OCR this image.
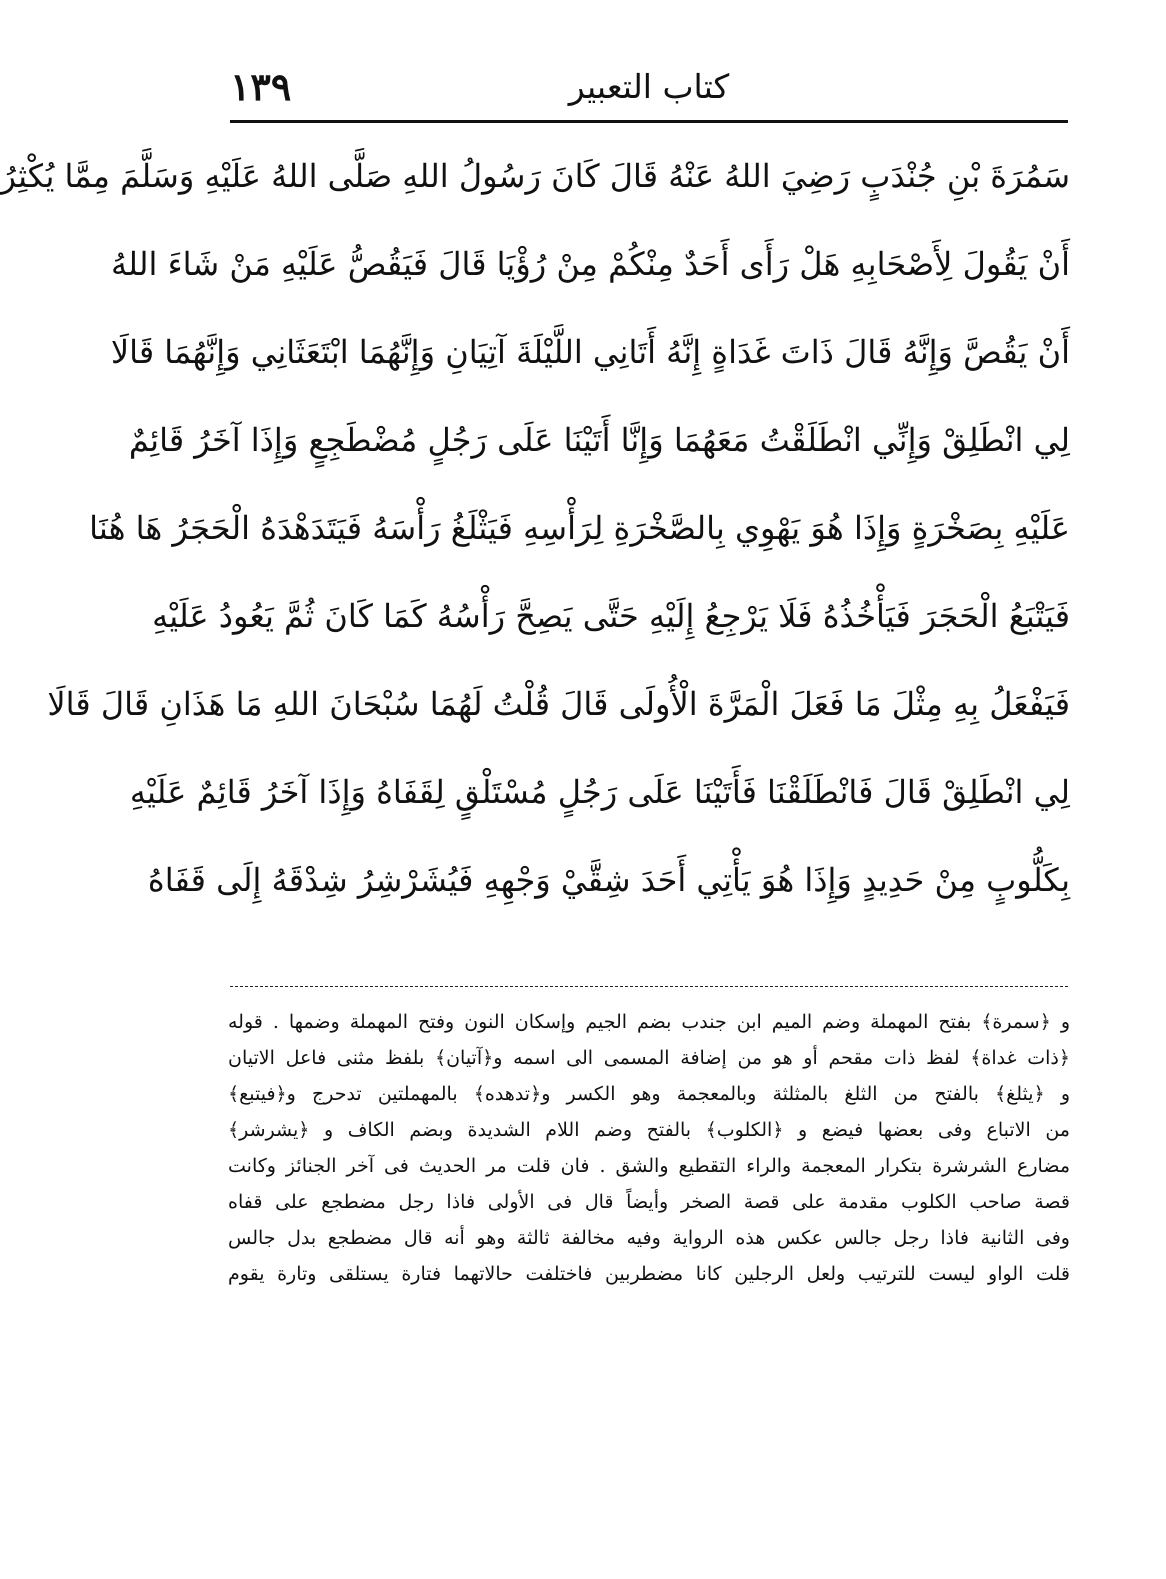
كتاب التعبير
١٣٩
سَمُرَةَ بْنِ جُنْدَبٍ رَضِيَ اللهُ عَنْهُ قَالَ كَانَ رَسُولُ اللهِ صَلَّى اللهُ عَلَيْهِ وَسَلَّمَ مِمَّا يُكْثِرُ
أَنْ يَقُولَ لِأَصْحَابِهِ هَلْ رَأَى أَحَدٌ مِنْكُمْ مِنْ رُؤْيَا قَالَ فَيَقُصُّ عَلَيْهِ مَنْ شَاءَ اللهُ
أَنْ يَقُصَّ وَإِنَّهُ قَالَ ذَاتَ غَدَاةٍ إِنَّهُ أَتَانِي اللَّيْلَةَ آتِيَانِ وَإِنَّهُمَا ابْتَعَثَانِي وَإِنَّهُمَا قَالَا
لِي انْطَلِقْ وَإِنِّي انْطَلَقْتُ مَعَهُمَا وَإِنَّا أَتَيْنَا عَلَى رَجُلٍ مُضْطَجِعٍ وَإِذَا آخَرُ قَائِمٌ
عَلَيْهِ بِصَخْرَةٍ وَإِذَا هُوَ يَهْوِي بِالصَّخْرَةِ لِرَأْسِهِ فَيَثْلَغُ رَأْسَهُ فَيَتَدَهْدَهُ الْحَجَرُ هَا هُنَا
فَيَتْبَعُ الْحَجَرَ فَيَأْخُذُهُ فَلَا يَرْجِعُ إِلَيْهِ حَتَّى يَصِحَّ رَأْسُهُ كَمَا كَانَ ثُمَّ يَعُودُ عَلَيْهِ
فَيَفْعَلُ بِهِ مِثْلَ مَا فَعَلَ الْمَرَّةَ الْأُولَى قَالَ قُلْتُ لَهُمَا سُبْحَانَ اللهِ مَا هَذَانِ قَالَ قَالَا
لِي انْطَلِقْ قَالَ فَانْطَلَقْنَا فَأَتَيْنَا عَلَى رَجُلٍ مُسْتَلْقٍ لِقَفَاهُ وَإِذَا آخَرُ قَائِمٌ عَلَيْهِ
بِكَلُّوبٍ مِنْ حَدِيدٍ وَإِذَا هُوَ يَأْتِي أَحَدَ شِقَّيْ وَجْهِهِ فَيُشَرْشِرُ شِدْقَهُ إِلَى قَفَاهُ
و ﴿سمرة﴾ بفتح المهملة وضم الميم ابن جندب بضم الجيم وإسكان النون وفتح المهملة وضمها . قوله
﴿ذات غداة﴾ لفظ ذات مقحم أو هو من إضافة المسمى الى اسمه و﴿آتيان﴾ بلفظ مثنى فاعل الاتيان
و ﴿يثلغ﴾ بالفتح من الثلغ بالمثلثة وبالمعجمة وهو الكسر و﴿تدهده﴾ بالمهملتين تدحرج و﴿فيتبع﴾
من الاتباع وفى بعضها فيضع و ﴿الكلوب﴾ بالفتح وضم اللام الشديدة وبضم الكاف و ﴿يشرشر﴾
مضارع الشرشرة بتكرار المعجمة والراء التقطيع والشق . فان قلت مر الحديث فى آخر الجنائز وكانت
قصة صاحب الكلوب مقدمة على قصة الصخر وأيضاً قال فى الأولى فاذا رجل مضطجع على قفاه
وفى الثانية فاذا رجل جالس عكس هذه الرواية وفيه مخالفة ثالثة وهو أنه قال مضطجع بدل جالس
قلت الواو ليست للترتيب ولعل الرجلين كانا مضطربين فاختلفت حالاتهما فتارة يستلقى وتارة يقوم
